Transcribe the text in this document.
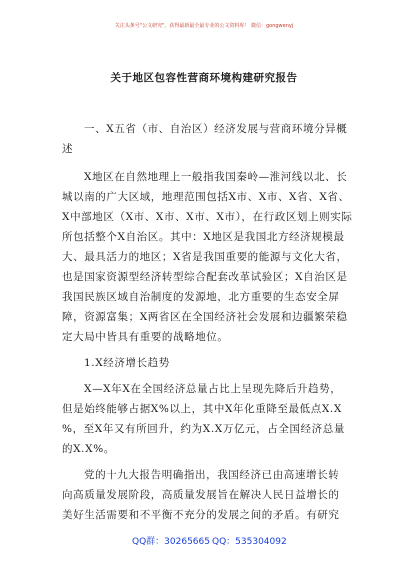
关注头条号"公文研究"，获得最新最全最专业的公文资料库！ 微信：gongwenyj
关于地区包容性营商环境构建研究报告
一、X五省（市、自治区）经济发展与营商环境分异概
述
X地区在自然地理上一般指我国秦岭—淮河线以北、长
城以南的广大区域，地理范围包括X市、X市、X省、X省、
X中部地区（X市、X市、X市、X市），在行政区划上则实际
所包括整个X自治区。其中：X地区是我国北方经济规模最
大、最具活力的地区；X省是我国重要的能源与文化大省，
也是国家资源型经济转型综合配套改革试验区；X自治区是
我国民族区域自治制度的发源地，北方重要的生态安全屏
障，资源富集；X两省区在全国经济社会发展和边疆繁荣稳
定大局中皆具有重要的战略地位。
1.X经济增长趋势
X—X年X在全国经济总量占比上呈现先降后升趋势，
但是始终能够占据X%以上，其中X年化重降至最低点X.X
%，至X年又有所回升，约为X.X万亿元，占全国经济总量
的X.X%。
党的十九大报告明确指出，我国经济已由高速增长转
向高质量发展阶段，高质量发展旨在解决人民日益增长的
美好生活需要和不平衡不充分的发展之间的矛盾。有研究
QQ群：30265665 QQ：535304092
